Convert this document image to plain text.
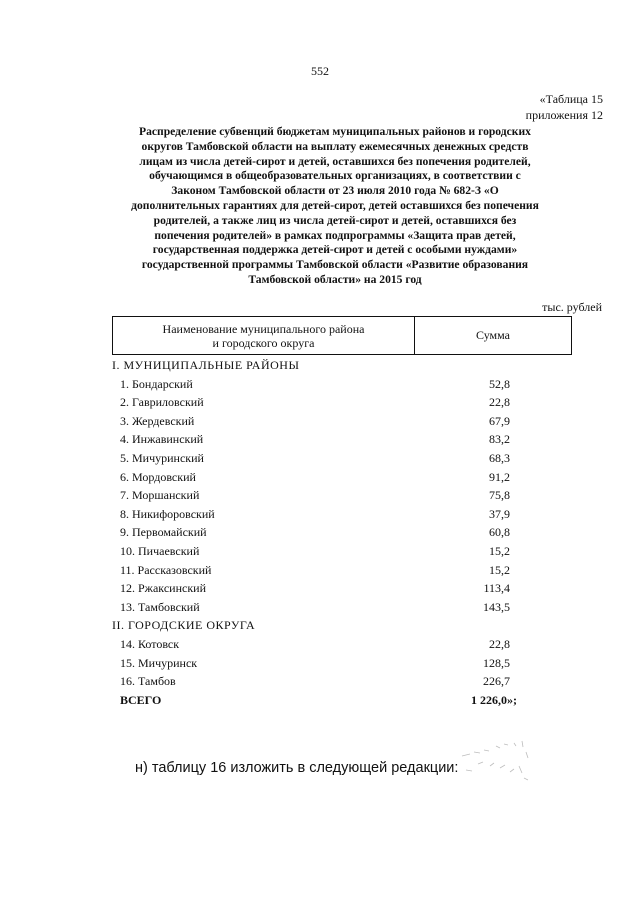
552
«Таблица 15
приложения 12

Распределение субвенций бюджетам муниципальных районов и городских

округов Тамбовской области на выплату ежемесячных денежных средств

лицам из числа детей-сирот и детей, оставшихся без попечения родителей,

обучающимся в общеобразовательных организациях, в соответствии с

Законом Тамбовской области от 23 июля 2010 года № 682-З «О

дополнительных гарантиях для детей-сирот, детей оставшихся без попечения

родителей, а также лиц из числа детей-сирот и детей, оставшихся без

попечения родителей» в рамках подпрограммы «Защита прав детей,

государственная поддержка детей-сирот и детей с особыми нуждами»

государственной программы Тамбовской области «Развитие образования

Тамбовской области» на 2015 год

тыс. рублей
Наименование муниципального района
и городского округа
Сумма
I. МУНИЦИПАЛЬНЫЕ РАЙОНЫ
1. Бондарский	52,8
2. Гавриловский	22,8
3. Жердевский	67,9
4. Инжавинский	83,2
5. Мичуринский	68,3
6. Мордовский	91,2
7. Моршанский	75,8
8. Никифоровский	37,9
9. Первомайский	60,8
10. Пичаевский	15,2
11. Рассказовский	15,2
12. Ржаксинский	113,4
13. Тамбовский	143,5
II. ГОРОДСКИЕ ОКРУГА
14. Котовск	22,8
15. Мичуринск	128,5
16. Тамбов	226,7
ВСЕГО	1 226,0»;
н) таблицу 16 изложить в следующей редакции:
